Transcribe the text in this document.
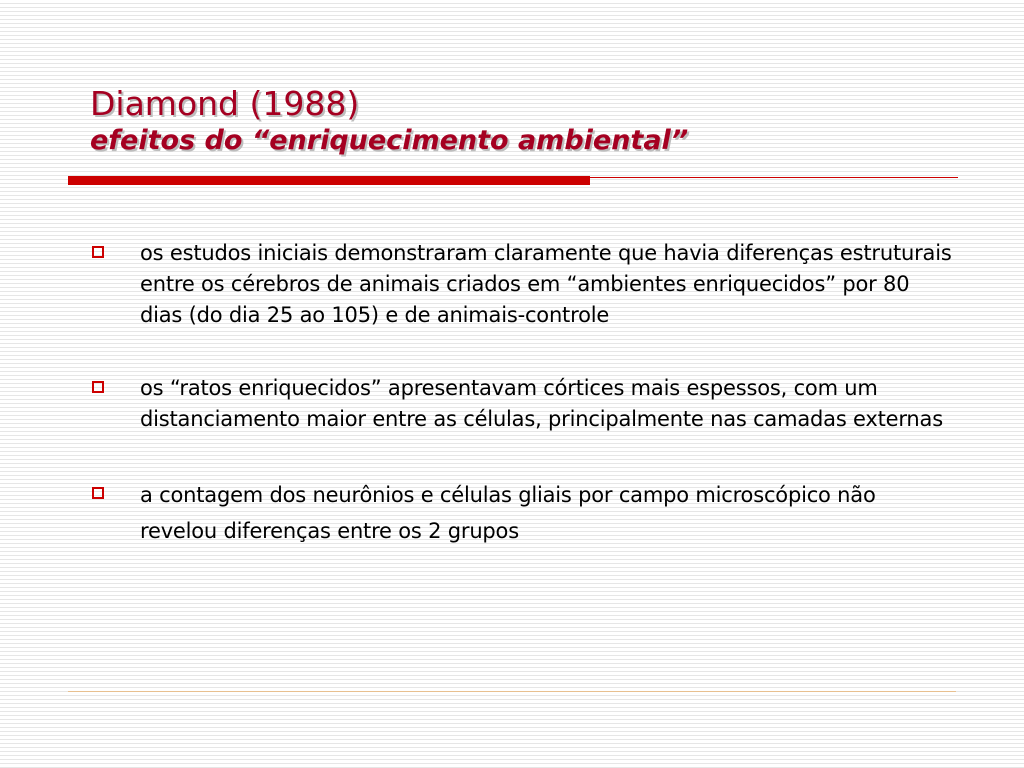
Diamond (1988)
efeitos do “enriquecimento ambiental”
os estudos iniciais demonstraram claramente que havia diferenças estruturais entre os cérebros de animais criados em “ambientes enriquecidos” por 80 dias (do dia 25 ao 105) e de animais-controle
os “ratos enriquecidos” apresentavam córtices mais espessos, com um distanciamento maior entre as células, principalmente nas camadas externas
a contagem dos neurônios e células gliais por campo microscópico não revelou diferenças entre os 2 grupos
